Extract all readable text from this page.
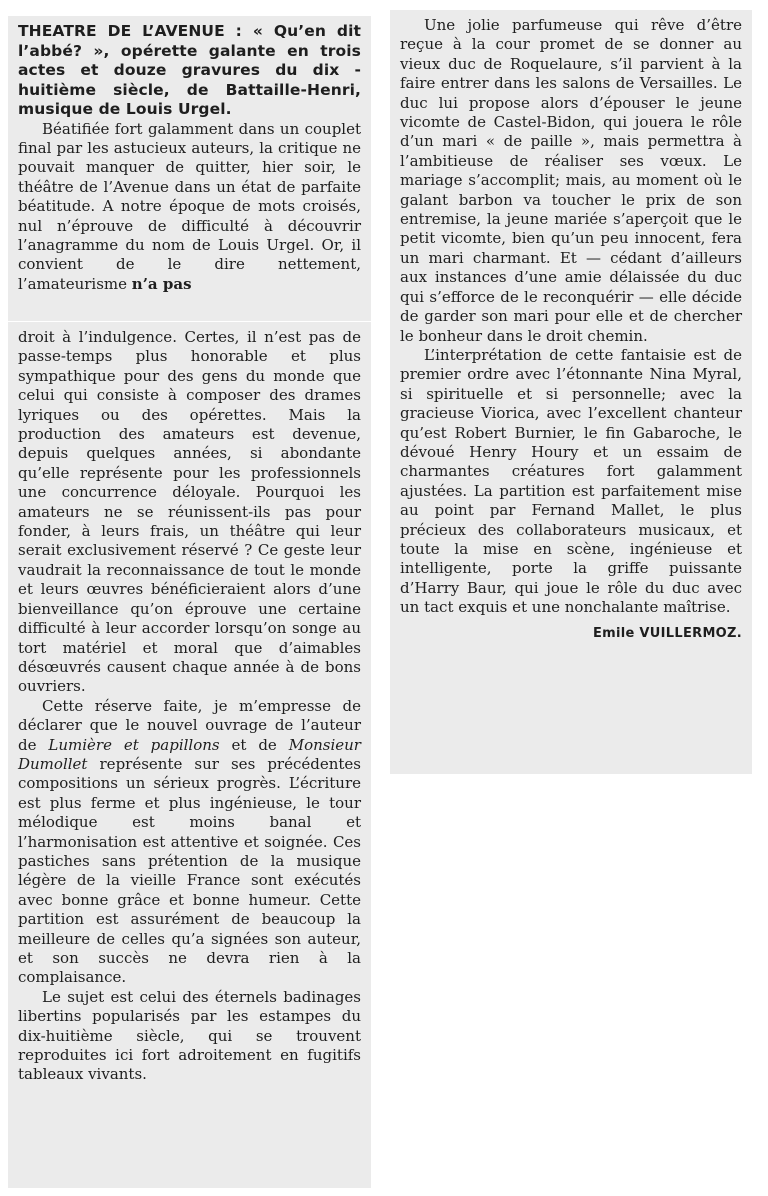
THEATRE DE L’AVENUE : « Qu’en dit l’abbé? », opérette galante en trois actes et douze gravures du dix - huitième siècle, de Battaille-Henri, musique de Louis Urgel.

Béatifiée fort galamment dans un couplet final par les astucieux auteurs, la critique ne pouvait manquer de quitter, hier soir, le théâtre de l’Avenue dans un état de parfaite béatitude. A notre époque de mots croisés, nul n’éprouve de difficulté à découvrir l’anagramme du nom de Louis Urgel. Or, il convient de le dire nettement, l’amateurisme n’a pas

droit à l’indulgence. Certes, il n’est pas de passe-temps plus honorable et plus sympathique pour des gens du monde que celui qui consiste à composer des drames lyriques ou des opérettes. Mais la production des amateurs est devenue, depuis quelques années, si abondante qu’elle représente pour les professionnels une concurrence déloyale. Pourquoi les amateurs ne se réunissent-ils pas pour fonder, à leurs frais, un théâtre qui leur serait exclusivement réservé ? Ce geste leur vaudrait la reconnaissance de tout le monde et leurs œuvres bénéficieraient alors d’une bienveillance qu’on éprouve une certaine difficulté à leur accorder lorsqu’on songe au tort matériel et moral que d’aimables désœuvrés causent chaque année à de bons ouvriers.

Cette réserve faite, je m’empresse de déclarer que le nouvel ouvrage de l’auteur de Lumière et papillons et de Monsieur Dumollet représente sur ses précédentes compositions un sérieux progrès. L’écriture est plus ferme et plus ingénieuse, le tour mélodique est moins banal et l’harmonisation est attentive et soignée. Ces pastiches sans prétention de la musique légère de la vieille France sont exécutés avec bonne grâce et bonne humeur. Cette partition est assurément de beaucoup la meilleure de celles qu’a signées son auteur, et son succès ne devra rien à la complaisance.

Le sujet est celui des éternels badinages libertins popularisés par les estampes du dix-huitième siècle, qui se trouvent reproduites ici fort adroitement en fugitifs tableaux vivants.

Une jolie parfumeuse qui rêve d’être reçue à la cour promet de se donner au vieux duc de Roquelaure, s’il parvient à la faire entrer dans les salons de Versailles. Le duc lui propose alors d’épouser le jeune vicomte de Castel-Bidon, qui jouera le rôle d’un mari « de paille », mais permettra à l’ambitieuse de réaliser ses vœux. Le mariage s’accomplit; mais, au moment où le galant barbon va toucher le prix de son entremise, la jeune mariée s’aperçoit que le petit vicomte, bien qu’un peu innocent, fera un mari charmant. Et — cédant d’ailleurs aux instances d’une amie délaissée du duc qui s’efforce de le reconquérir — elle décide de garder son mari pour elle et de chercher le bonheur dans le droit chemin.

L’interprétation de cette fantaisie est de premier ordre avec l’étonnante Nina Myral, si spirituelle et si personnelle; avec la gracieuse Viorica, avec l’excellent chanteur qu’est Robert Burnier, le fin Gabaroche, le dévoué Henry Houry et un essaim de charmantes créatures fort galamment ajustées. La partition est parfaitement mise au point par Fernand Mallet, le plus précieux des collaborateurs musicaux, et toute la mise en scène, ingénieuse et intelligente, porte la griffe puissante d’Harry Baur, qui joue le rôle du duc avec un tact exquis et une nonchalante maîtrise.

Emile VUILLERMOZ.
